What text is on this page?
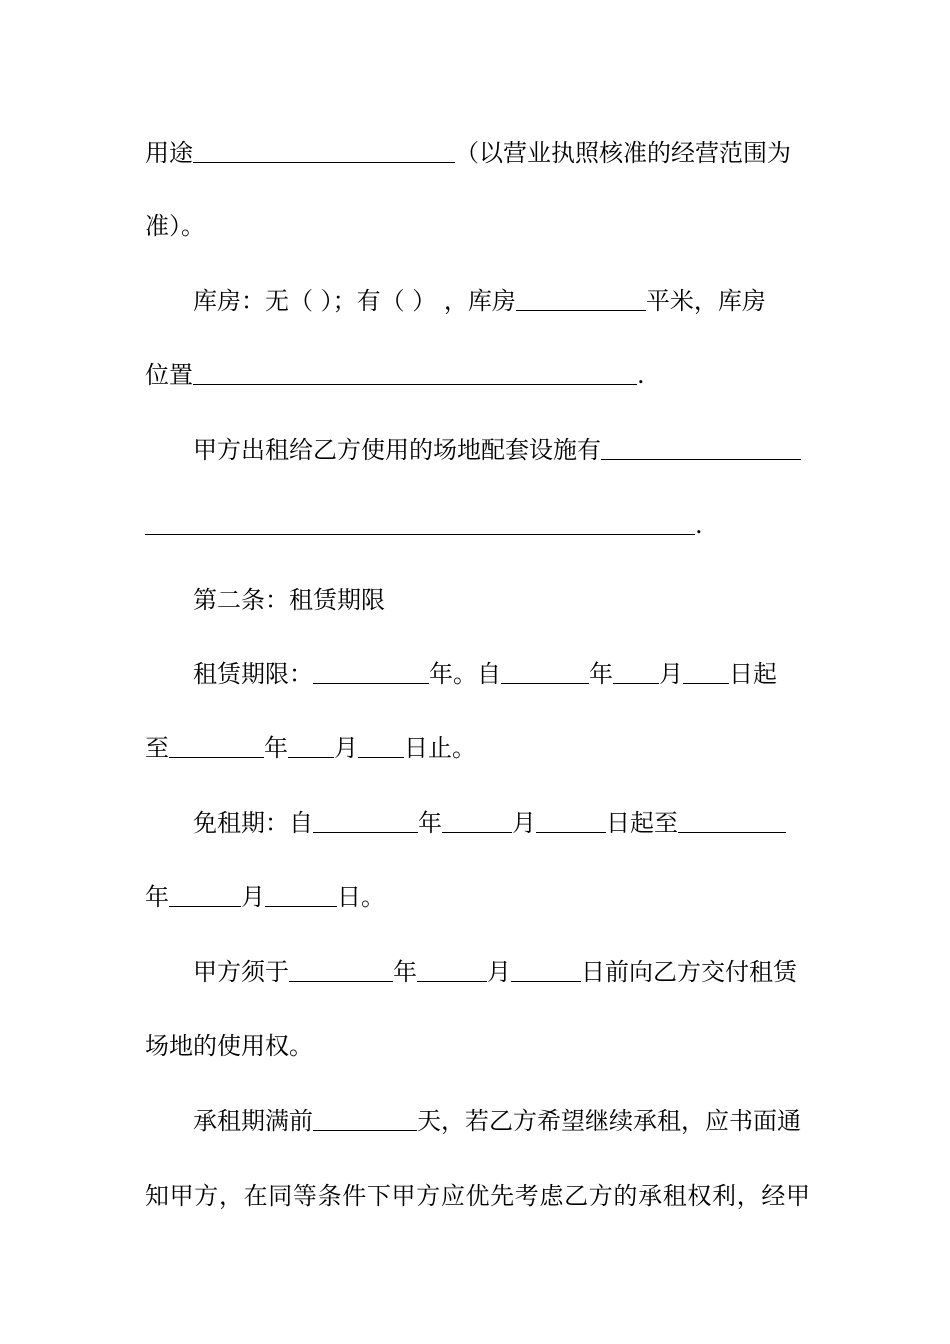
用途	（以营业执照核准的经营范围为
准）。
库房：无（ ）；有（ ） ，库房	平米，库房
位置	.
甲方出租给乙方使用的场地配套设施有
.
第二条：租赁期限
租赁期限：	年。自	年 月 日起
至	年 月 日止。
免租期：自	年	月	日起至
年	月	日。
甲方须于	年	月	日前向乙方交付租赁
场地的使用权。
承租期满前	天，若乙方希望继续承租，应书面通
知甲方，在同等条件下甲方应优先考虑乙方的承租权利，经甲
